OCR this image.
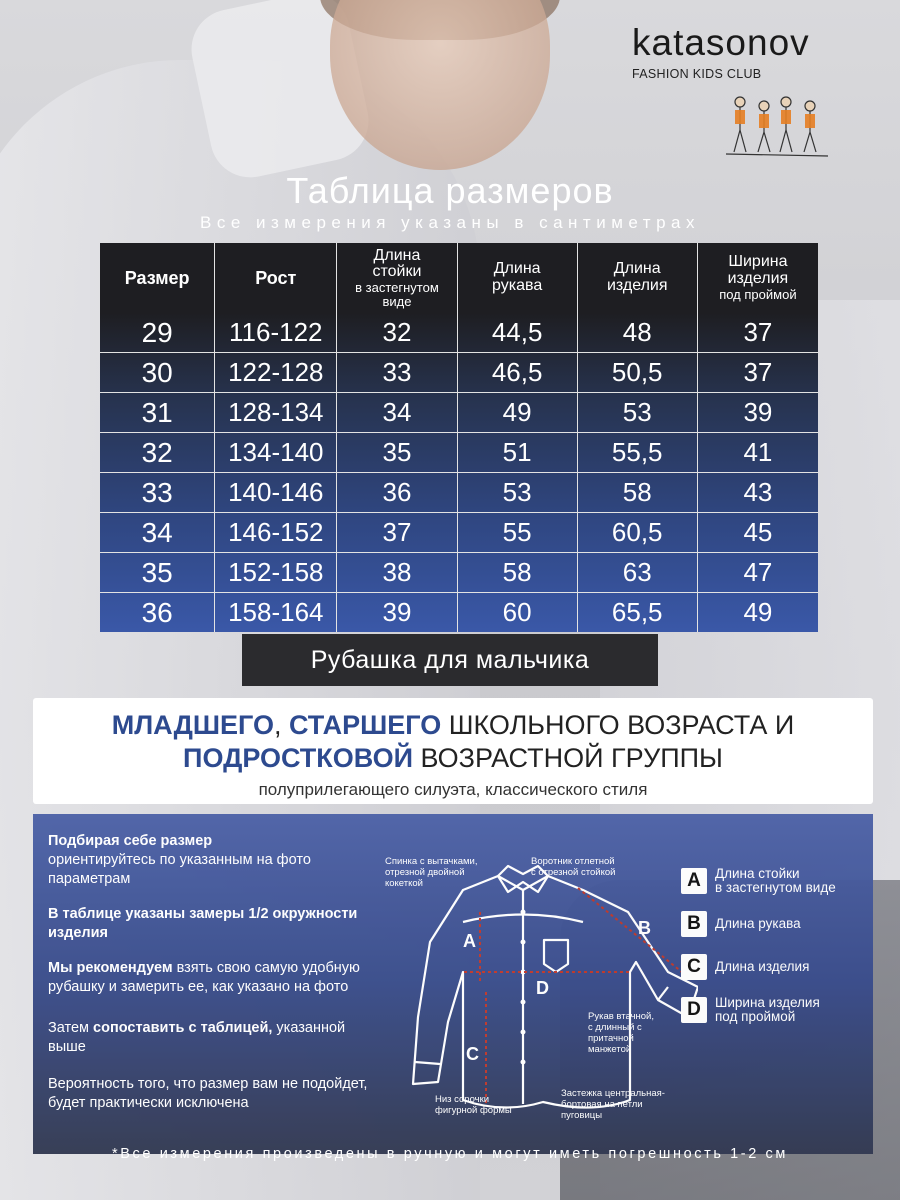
katasonov
FASHION KIDS CLUB
Таблица размеров
Все измерения указаны в сантиметрах
Размер	Рост	Длина
стойки
в застегнутом
виде	Длина
рукава	Длина
изделия	Ширина
изделия
под проймой

29	116-122	32	44,5	48	37
30	122-128	33	46,5	50,5	37
31	128-134	34	49	53	39
32	134-140	35	51	55,5	41
33	140-146	36	53	58	43
34	146-152	37	55	60,5	45
35	152-158	38	58	63	47
36	158-164	39	60	65,5	49
Рубашка для мальчика
МЛАДШЕГО, СТАРШЕГО ШКОЛЬНОГО ВОЗРАСТА И
ПОДРОСТКОВОЙ ВОЗРАСТНОЙ ГРУППЫ
полуприлегающего силуэта, классического стиля

Подбирая себе размер
ориентируйтесь по указанным на фото параметрам

В таблице указаны замеры 1/2 окружности изделия

Мы рекомендуем взять свою самую удобную рубашку и замерить ее, как указано на фото

Затем сопоставить с таблицей, указанной выше

Вероятность того, что размер вам не подойдет, будет практически исключена

A
B
C
D
Спинка с вытачками, отрезной двойной кокеткой
Воротник отлетной с отрезной стойкой
Рукав втачной, с длинный с притачной манжетой
Низ сорочки фигурной формы
Застежка центральная-бортовая на петли пуговицы
A	Длина стойки
в застегнутом виде
B	Длина рукава
C	Длина изделия
D	Ширина изделия
под проймой
*Все измерения произведены в ручную и могут иметь погрешность 1-2 см
